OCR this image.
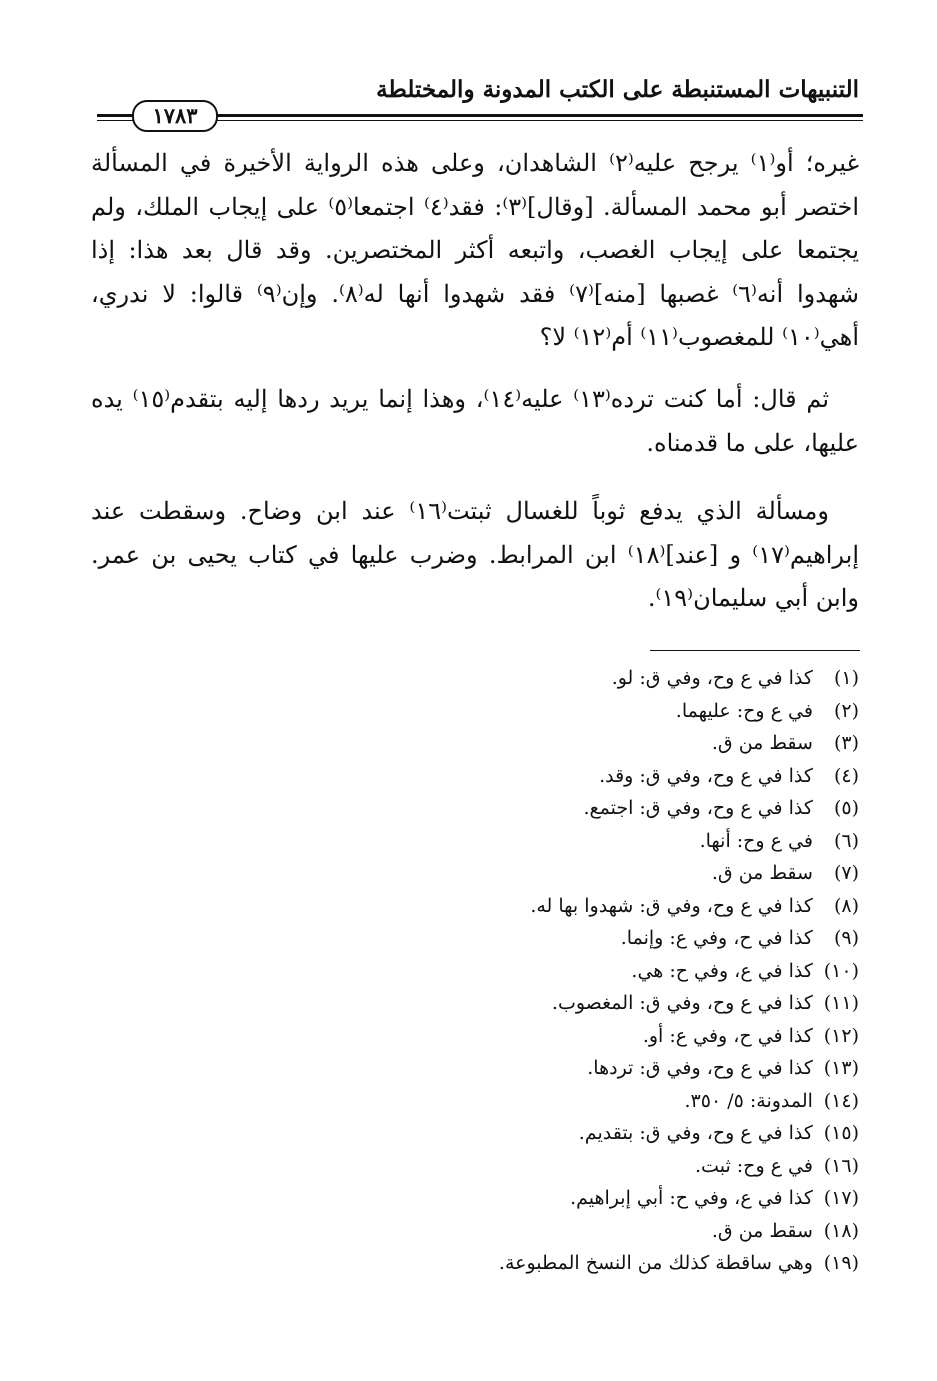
التنبيهات المستنبطة على الكتب المدونة والمختلطة
١٧٨٣

غيره؛ أو⁽١⁾ يرجح عليه⁽٢⁾ الشاهدان، وعلى هذه الرواية الأخيرة في المسألة اختصر أبو محمد المسألة. [وقال]⁽٣⁾: فقد⁽٤⁾ اجتمعا⁽٥⁾ على إيجاب الملك، ولم يجتمعا على إيجاب الغصب، واتبعه أكثر المختصرين. وقد قال بعد هذا: إذا شهدوا أنه⁽٦⁾ غصبها [منه]⁽٧⁾ فقد شهدوا أنها له⁽٨⁾. وإن⁽٩⁾ قالوا: لا ندري، أهي⁽١٠⁾ للمغصوب⁽١١⁾ أم⁽١٢⁾ لا؟

ثم قال: أما كنت ترده⁽١٣⁾ عليه⁽١٤⁾، وهذا إنما يريد ردها إليه بتقدم⁽١٥⁾ يده عليها، على ما قدمناه.

ومسألة الذي يدفع ثوباً للغسال ثبتت⁽١٦⁾ عند ابن وضاح. وسقطت عند إبراهيم⁽١٧⁾ و [عند]⁽١٨⁾ ابن المرابط. وضرب عليها في كتاب يحيى بن عمر. وابن أبي سليمان⁽١٩⁾.

(١) كذا في ع وح، وفي ق: لو.
(٢) في ع وح: عليهما.
(٣) سقط من ق.
(٤) كذا في ع وح، وفي ق: وقد.
(٥) كذا في ع وح، وفي ق: اجتمع.
(٦) في ع وح: أنها.
(٧) سقط من ق.
(٨) كذا في ع وح، وفي ق: شهدوا بها له.
(٩) كذا في ح، وفي ع: وإنما.
(١٠) كذا في ع، وفي ح: هي.
(١١) كذا في ع وح، وفي ق: المغصوب.
(١٢) كذا في ح، وفي ع: أو.
(١٣) كذا في ع وح، وفي ق: تردها.
(١٤) المدونة: ٥/ ٣٥٠.
(١٥) كذا في ع وح، وفي ق: بتقديم.
(١٦) في ع وح: ثبت.
(١٧) كذا في ع، وفي ح: أبي إبراهيم.
(١٨) سقط من ق.
(١٩) وهي ساقطة كذلك من النسخ المطبوعة.
